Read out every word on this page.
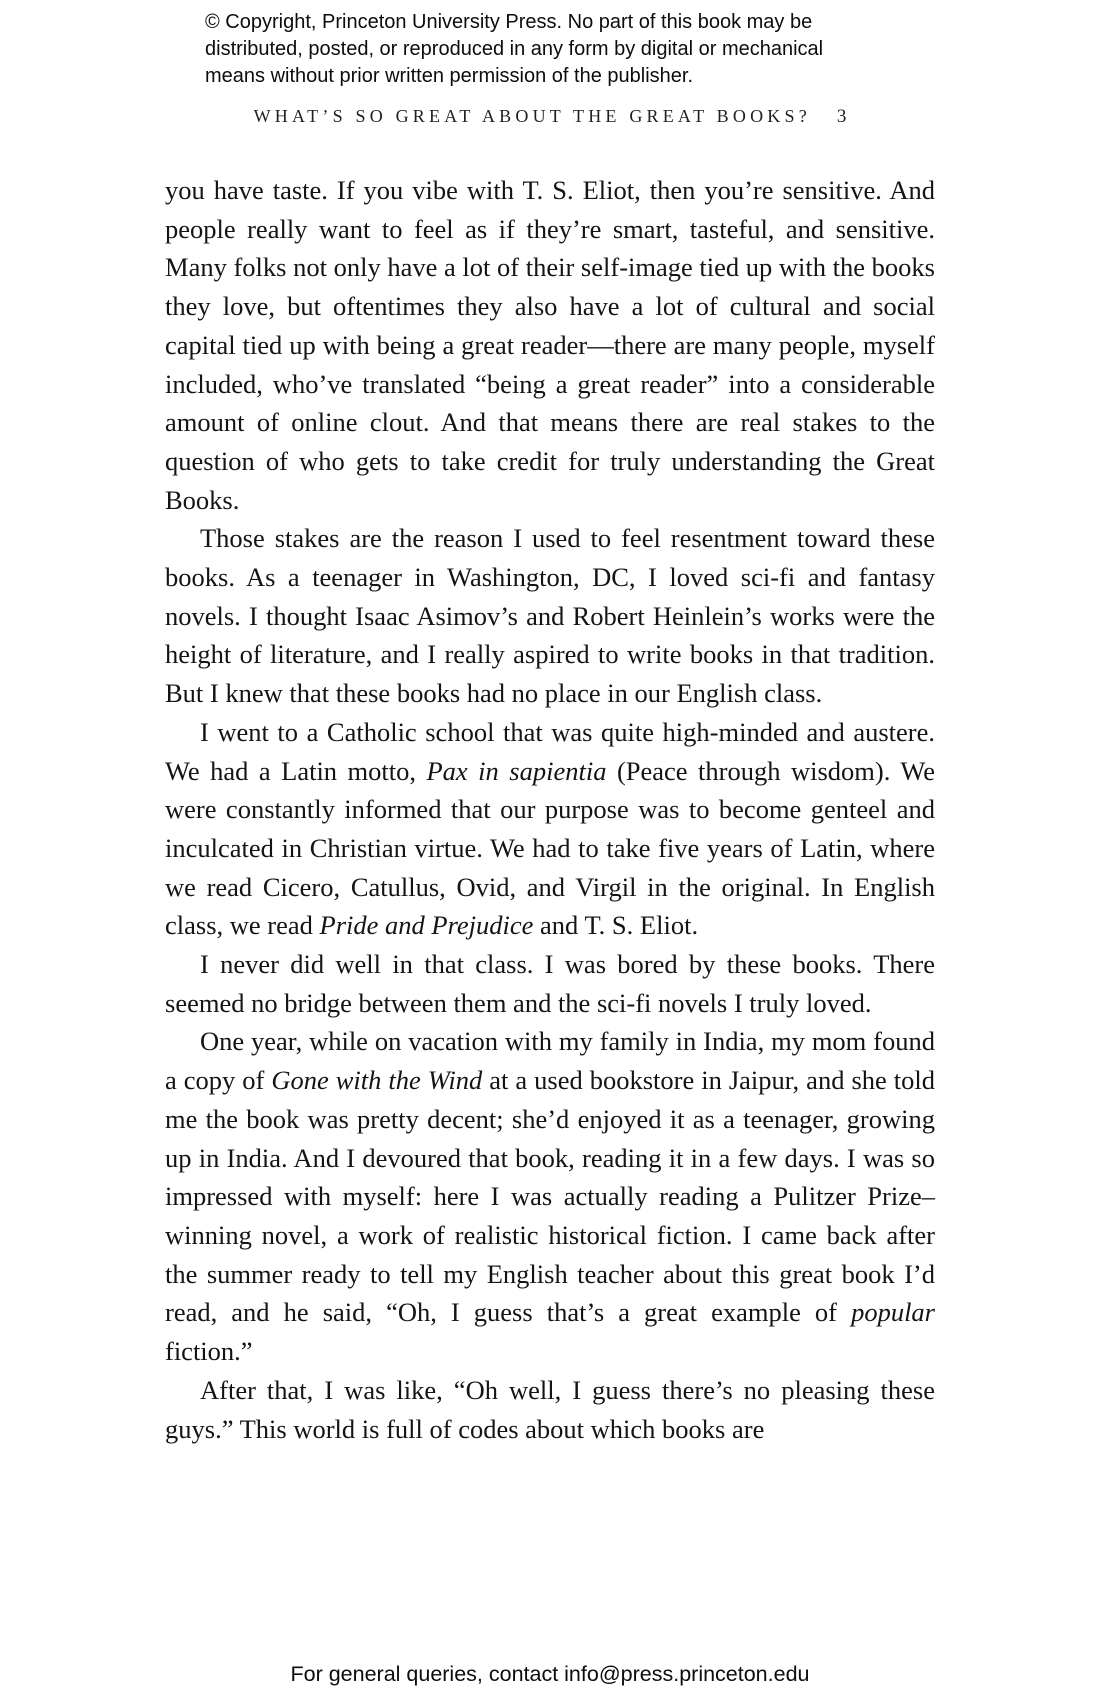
© Copyright, Princeton University Press. No part of this book may be
distributed, posted, or reproduced in any form by digital or mechanical
means without prior written permission of the publisher.
WHAT’S SO GREAT ABOUT THE GREAT BOOKS? 3

you have taste. If you vibe with T. S. Eliot, then you’re sensitive. And people really want to feel as if they’re smart, tasteful, and sensitive. Many folks not only have a lot of their self-image tied up with the books they love, but oftentimes they also have a lot of cultural and social capital tied up with being a great reader—there are many people, myself included, who’ve translated “being a great reader” into a considerable amount of online clout. And that means there are real stakes to the question of who gets to take credit for truly understanding the Great Books.

Those stakes are the reason I used to feel resentment toward these books. As a teenager in Washington, DC, I loved sci-fi and fantasy novels. I thought Isaac Asimov’s and Robert Heinlein’s works were the height of literature, and I really aspired to write books in that tradition. But I knew that these books had no place in our English class.

I went to a Catholic school that was quite high-minded and austere. We had a Latin motto, Pax in sapientia (Peace through wisdom). We were constantly informed that our purpose was to become genteel and inculcated in Christian virtue. We had to take five years of Latin, where we read Cicero, Catullus, Ovid, and Virgil in the original. In English class, we read Pride and Prejudice and T. S. Eliot.

I never did well in that class. I was bored by these books. There seemed no bridge between them and the sci-fi novels I truly loved.

One year, while on vacation with my family in India, my mom found a copy of Gone with the Wind at a used bookstore in Jaipur, and she told me the book was pretty decent; she’d enjoyed it as a teenager, growing up in India. And I devoured that book, reading it in a few days. I was so impressed with myself: here I was actually reading a Pulitzer Prize–winning novel, a work of realistic historical fiction. I came back after the summer ready to tell my English teacher about this great book I’d read, and he said, “Oh, I guess that’s a great example of popular fiction.”

After that, I was like, “Oh well, I guess there’s no pleasing these guys.” This world is full of codes about which books are

For general queries, contact info@press.princeton.edu
